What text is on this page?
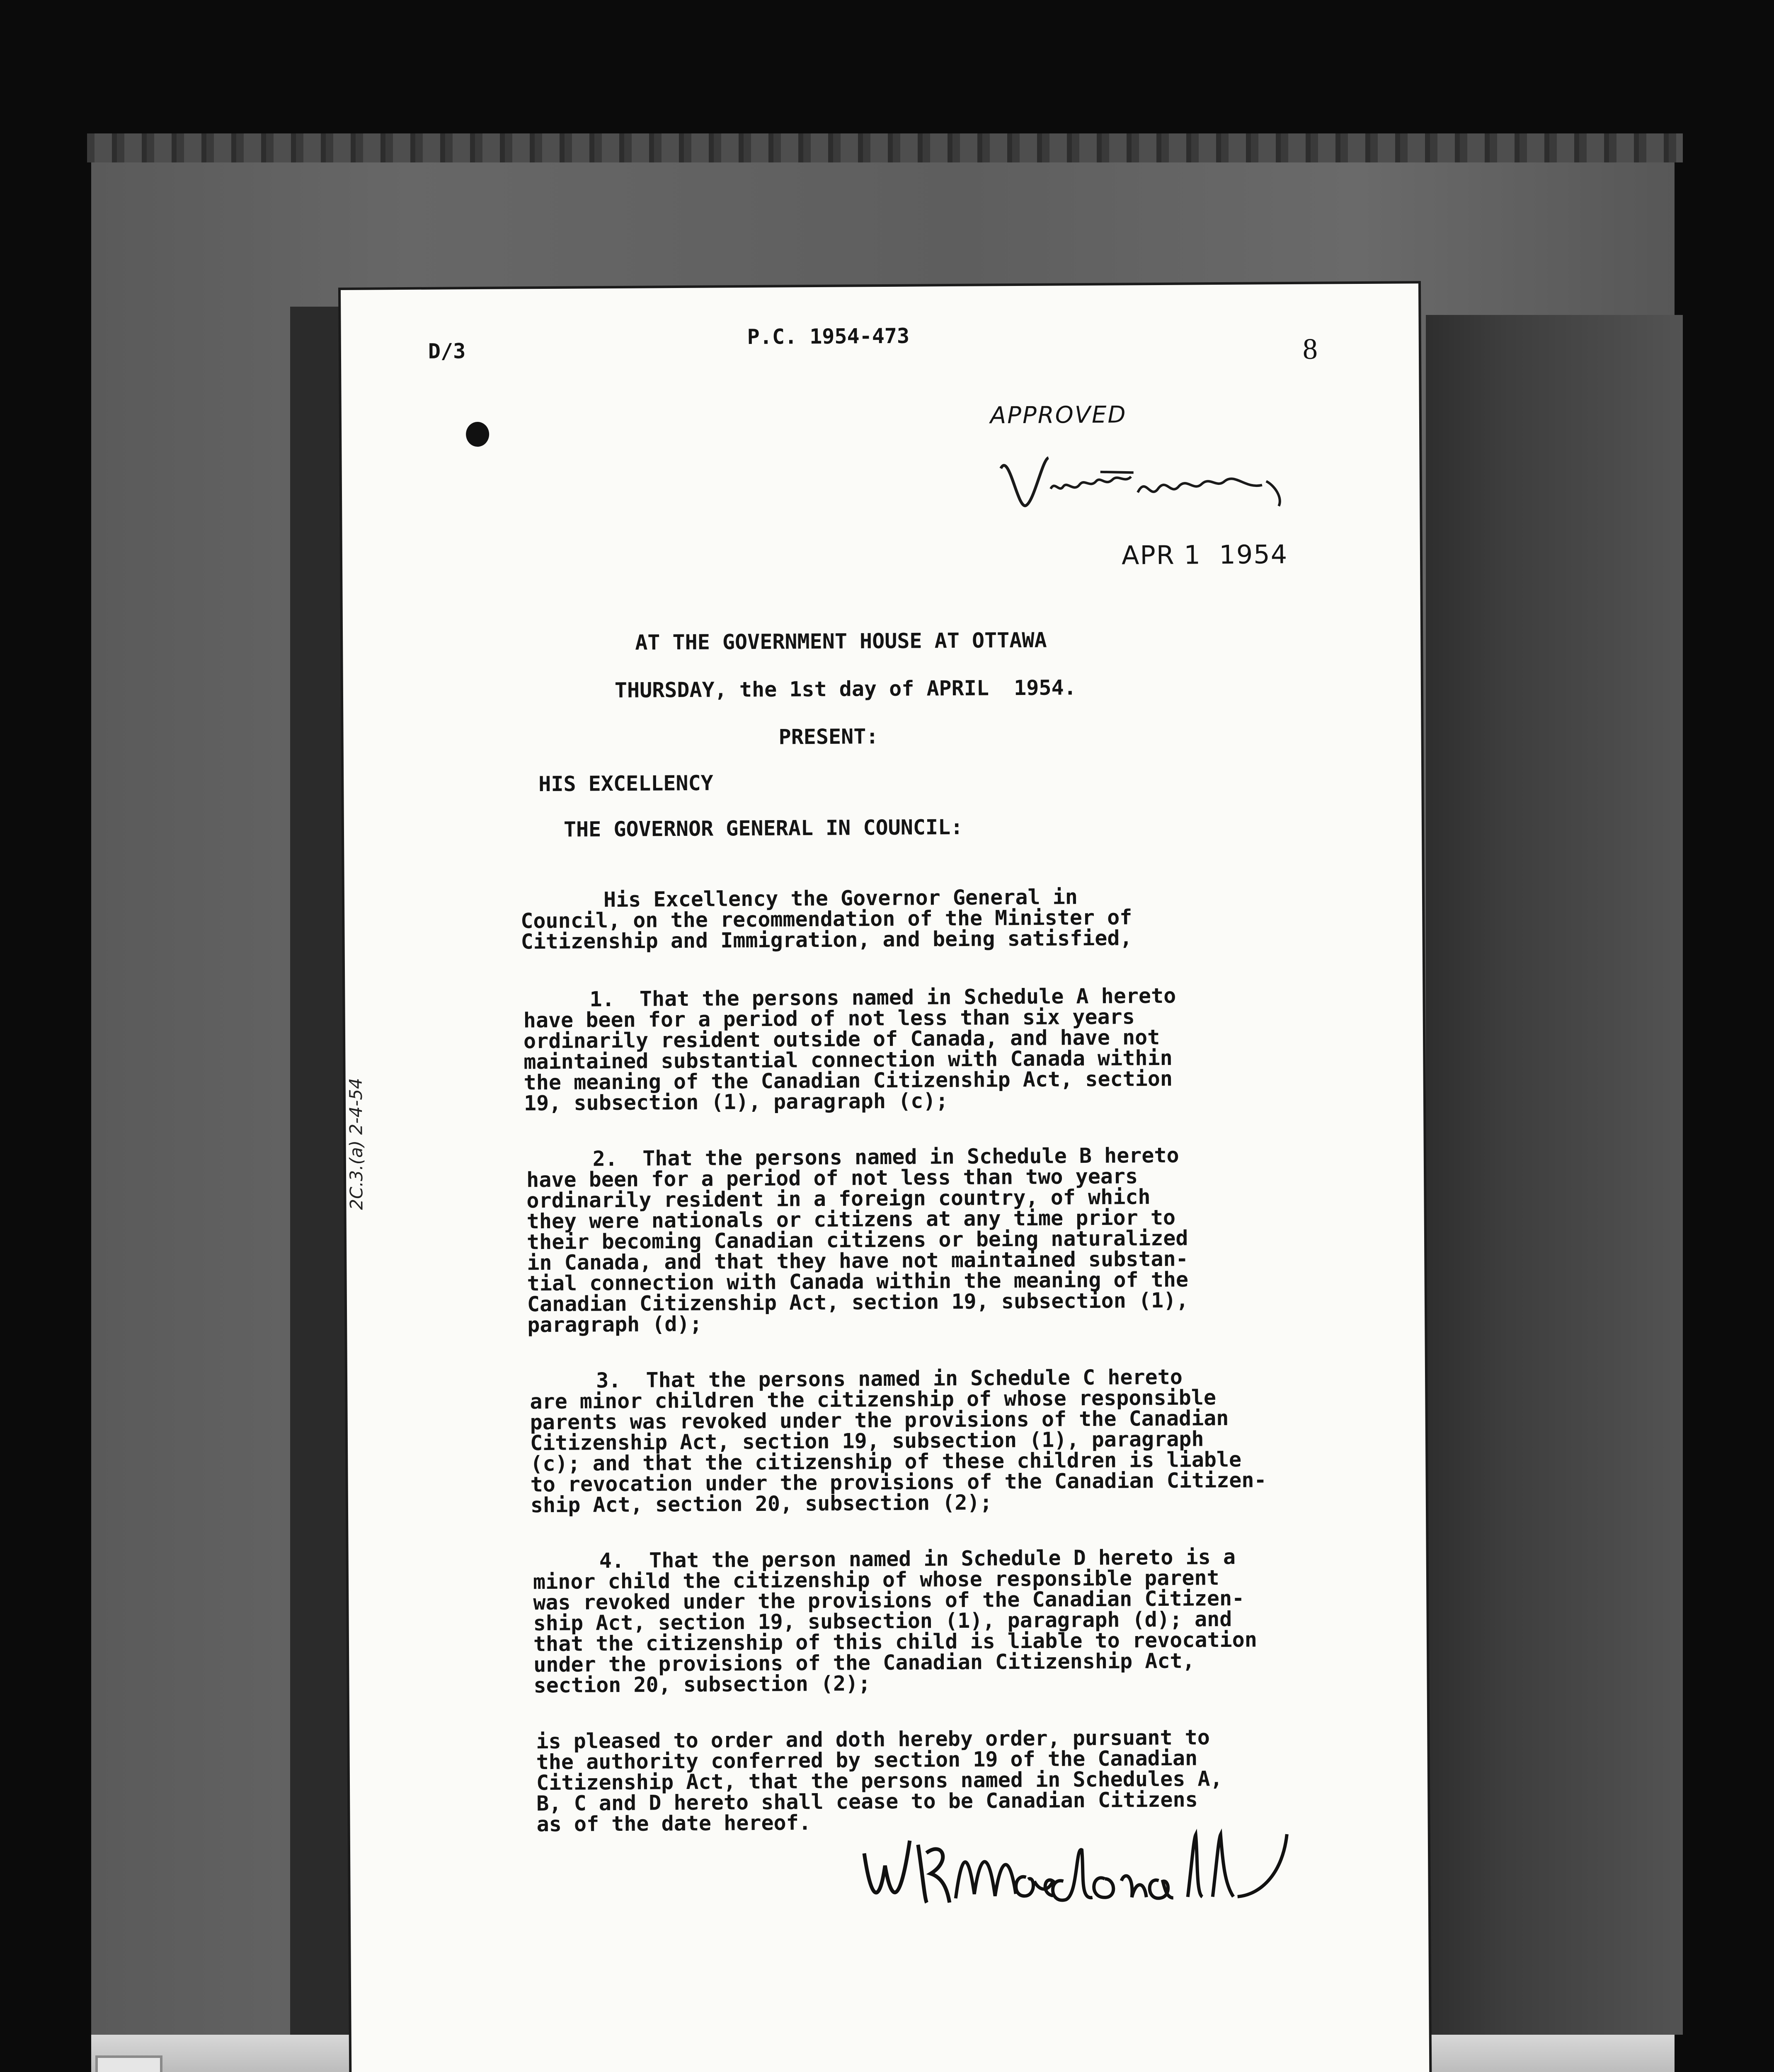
D/3

P.C. 1954-473	8

APPROVED

APR 1  1954

2C.3.(a) 2-4-54

AT THE GOVERNMENT HOUSE AT OTTAWA

THURSDAY, the 1st day of APRIL  1954.

PRESENT:

HIS EXCELLENCY

THE GOVERNOR GENERAL IN COUNCIL:

His Excellency the Governor General in

Council, on the recommendation of the Minister of

Citizenship and Immigration, and being satisfied,

1.  That the persons named in Schedule A hereto

have been for a period of not less than six years

ordinarily resident outside of Canada, and have not

maintained substantial connection with Canada within

the meaning of the Canadian Citizenship Act, section

19, subsection (1), paragraph (c);

2.  That the persons named in Schedule B hereto

have been for a period of not less than two years

ordinarily resident in a foreign country, of which

they were nationals or citizens at any time prior to

their becoming Canadian citizens or being naturalized

in Canada, and that they have not maintained substan-

tial connection with Canada within the meaning of the

Canadian Citizenship Act, section 19, subsection (1),

paragraph (d);

3.  That the persons named in Schedule C hereto

are minor children the citizenship of whose responsible

parents was revoked under the provisions of the Canadian

Citizenship Act, section 19, subsection (1), paragraph

(c); and that the citizenship of these children is liable

to revocation under the provisions of the Canadian Citizen-

ship Act, section 20, subsection (2);

4.  That the person named in Schedule D hereto is a

minor child the citizenship of whose responsible parent

was revoked under the provisions of the Canadian Citizen-

ship Act, section 19, subsection (1), paragraph (d); and

that the citizenship of this child is liable to revocation

under the provisions of the Canadian Citizenship Act,

section 20, subsection (2);

is pleased to order and doth hereby order, pursuant to

the authority conferred by section 19 of the Canadian

Citizenship Act, that the persons named in Schedules A,

B, C and D hereto shall cease to be Canadian Citizens

as of the date hereof.
